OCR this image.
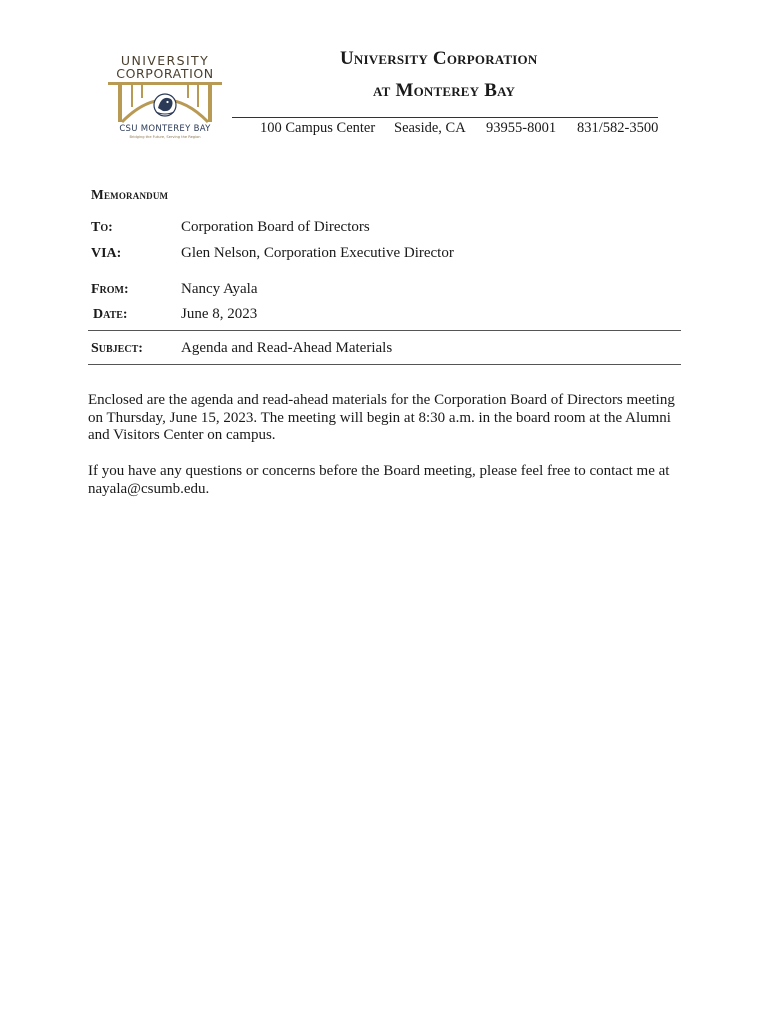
UNIVERSITY
CORPORATION
CSU MONTEREY BAY
Bridging the Future, Serving the Region
University Corporation
at Monterey Bay
100 Campus Center Seaside, CA 93955-8001 831/582-3500
Memorandum
To:	Corporation Board of Directors
VIA:	Glen Nelson, Corporation Executive Director
From:	Nancy Ayala
Date:	June 8, 2023
Subject:	Agenda and Read-Ahead Materials
Enclosed are the agenda and read-ahead materials for the Corporation Board of Directors meeting on Thursday, June 15, 2023. The meeting will begin at 8:30 a.m. in the board room at the Alumni and Visitors Center on campus.
If you have any questions or concerns before the Board meeting, please feel free to contact me at nayala@csumb.edu.
